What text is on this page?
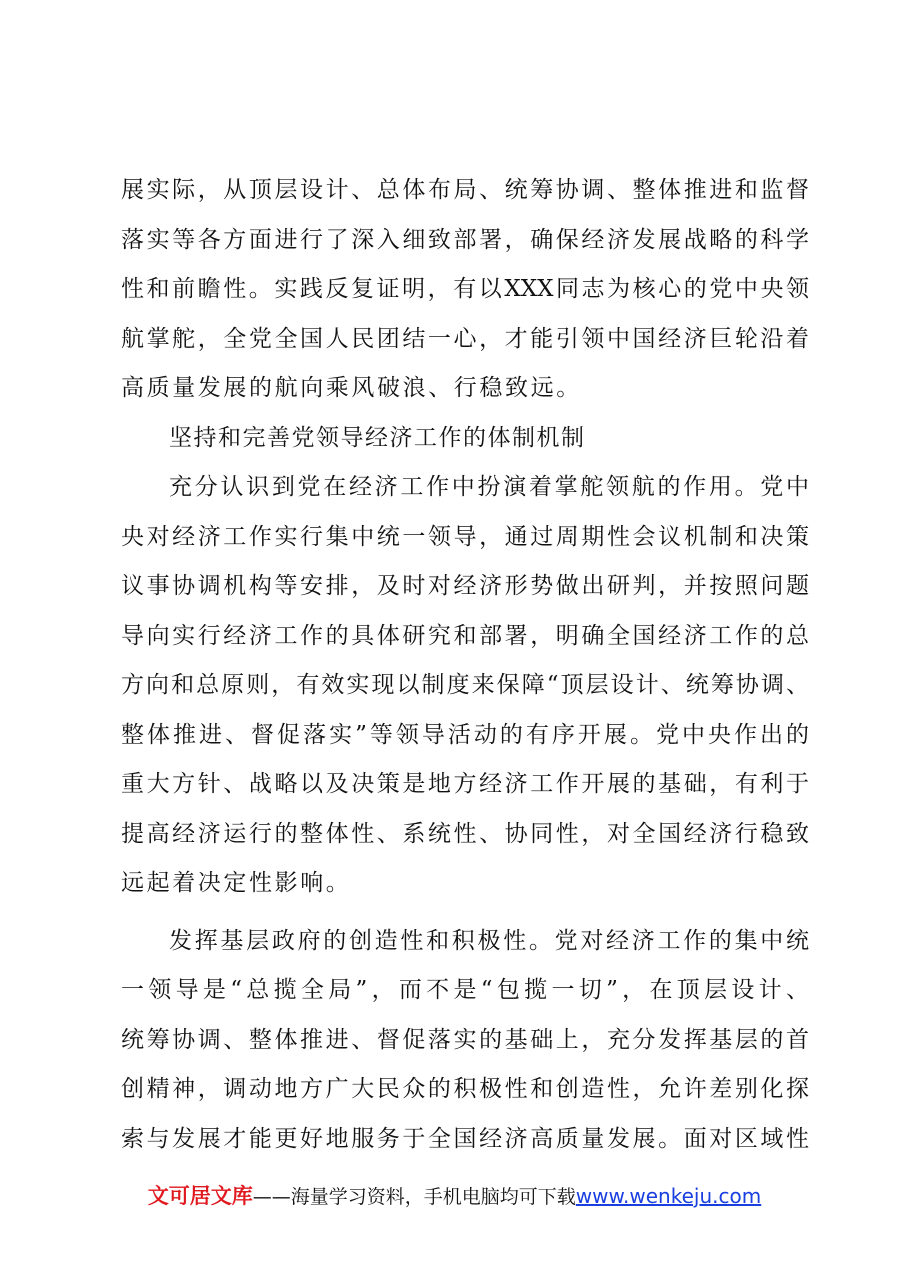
展实际，从顶层设计、总体布局、统筹协调、整体推进和监督
落实等各方面进行了深入细致部署，确保经济发展战略的科学
性和前瞻性。实践反复证明，有以XXX同志为核心的党中央领
航掌舵，全党全国人民团结一心，才能引领中国经济巨轮沿着
高质量发展的航向乘风破浪、行稳致远。
坚持和完善党领导经济工作的体制机制
充分认识到党在经济工作中扮演着掌舵领航的作用。党中
央对经济工作实行集中统一领导，通过周期性会议机制和决策
议事协调机构等安排，及时对经济形势做出研判，并按照问题
导向实行经济工作的具体研究和部署，明确全国经济工作的总
方向和总原则，有效实现以制度来保障“顶层设计、统筹协调、
整体推进、督促落实”等领导活动的有序开展。党中央作出的
重大方针、战略以及决策是地方经济工作开展的基础，有利于
提高经济运行的整体性、系统性、协同性，对全国经济行稳致
远起着决定性影响。
发挥基层政府的创造性和积极性。党对经济工作的集中统
一领导是“总揽全局”，而不是“包揽一切”，在顶层设计、
统筹协调、整体推进、督促落实的基础上，充分发挥基层的首
创精神，调动地方广大民众的积极性和创造性，允许差别化探
索与发展才能更好地服务于全国经济高质量发展。面对区域性
文可居文库——海量学习资料，手机电脑均可下载www.wenkeju.com
